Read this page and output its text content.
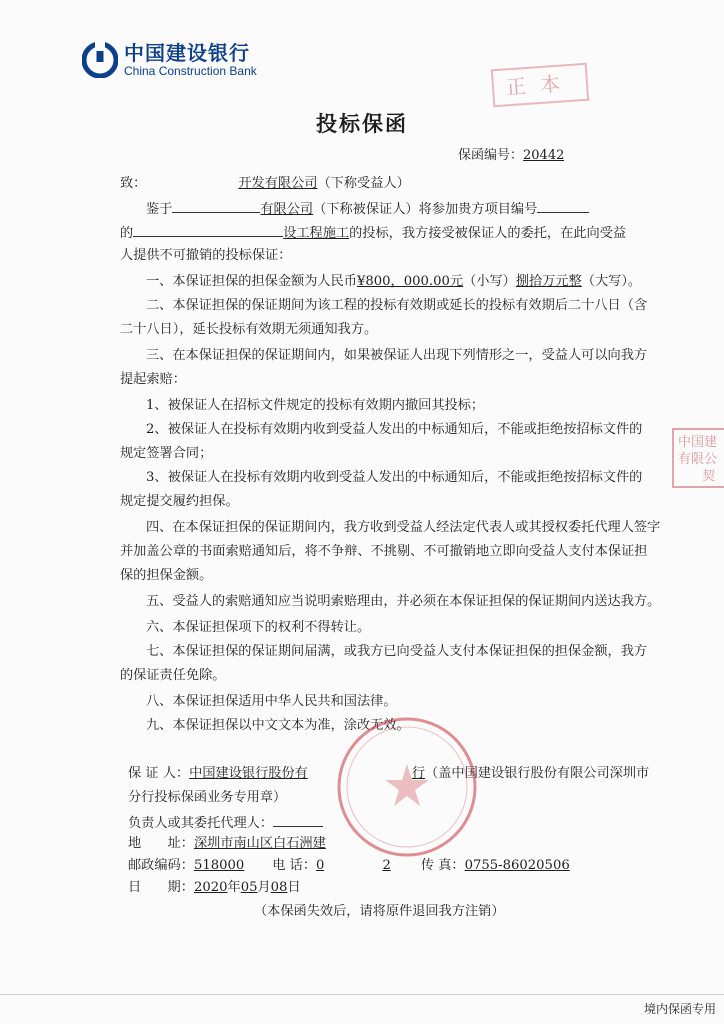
中国建设银行
China Construction Bank	正本
投标保函
保函编号：20442
致：	开发有限公司（下称受益人）
鉴于	有限公司（下称被保证人）将参加贵方项目编号
的	设工程施工的投标，我方接受被保证人的委托，在此向受益
人提供不可撤销的投标保证：
一、本保证担保的担保金额为人民币¥800，000.00元（小写）捌拾万元整（大写）。
二、本保证担保的保证期间为该工程的投标有效期或延长的投标有效期后二十八日（含
二十八日），延长投标有效期无须通知我方。
三、在本保证担保的保证期间内，如果被保证人出现下列情形之一，受益人可以向我方
提起索赔：
1、被保证人在招标文件规定的投标有效期内撤回其投标；
2、被保证人在投标有效期内收到受益人发出的中标通知后，不能或拒绝按招标文件的
规定签署合同；
3、被保证人在投标有效期内收到受益人发出的中标通知后，不能或拒绝按招标文件的
规定提交履约担保。
四、在本保证担保的保证期间内，我方收到受益人经法定代表人或其授权委托代理人签字
并加盖公章的书面索赔通知后，将不争辩、不挑剔、不可撤销地立即向受益人支付本保证担
保的担保金额。
五、受益人的索赔通知应当说明索赔理由，并必须在本保证担保的保证期间内送达我方。
六、本保证担保项下的权利不得转让。
七、本保证担保的保证期间届满，或我方已向受益人支付本保证担保的担保金额，我方
的保证责任免除。
八、本保证担保适用中华人民共和国法律。
九、本保证担保以中文文本为准，涂改无效。
保 证 人：中国建设银行股份有	行（盖中国建设银行股份有限公司深圳市
分行投标保函业务专用章）
负责人或其委托代理人：
地　　址：深圳市南山区白石洲建
邮政编码：518000 电 话：0	2 传 真：0755-86020506
日　　期：2020年05月08日
（本保函失效后，请将原件退回我方注销）
中国建
有限公
契
境内保函专用
